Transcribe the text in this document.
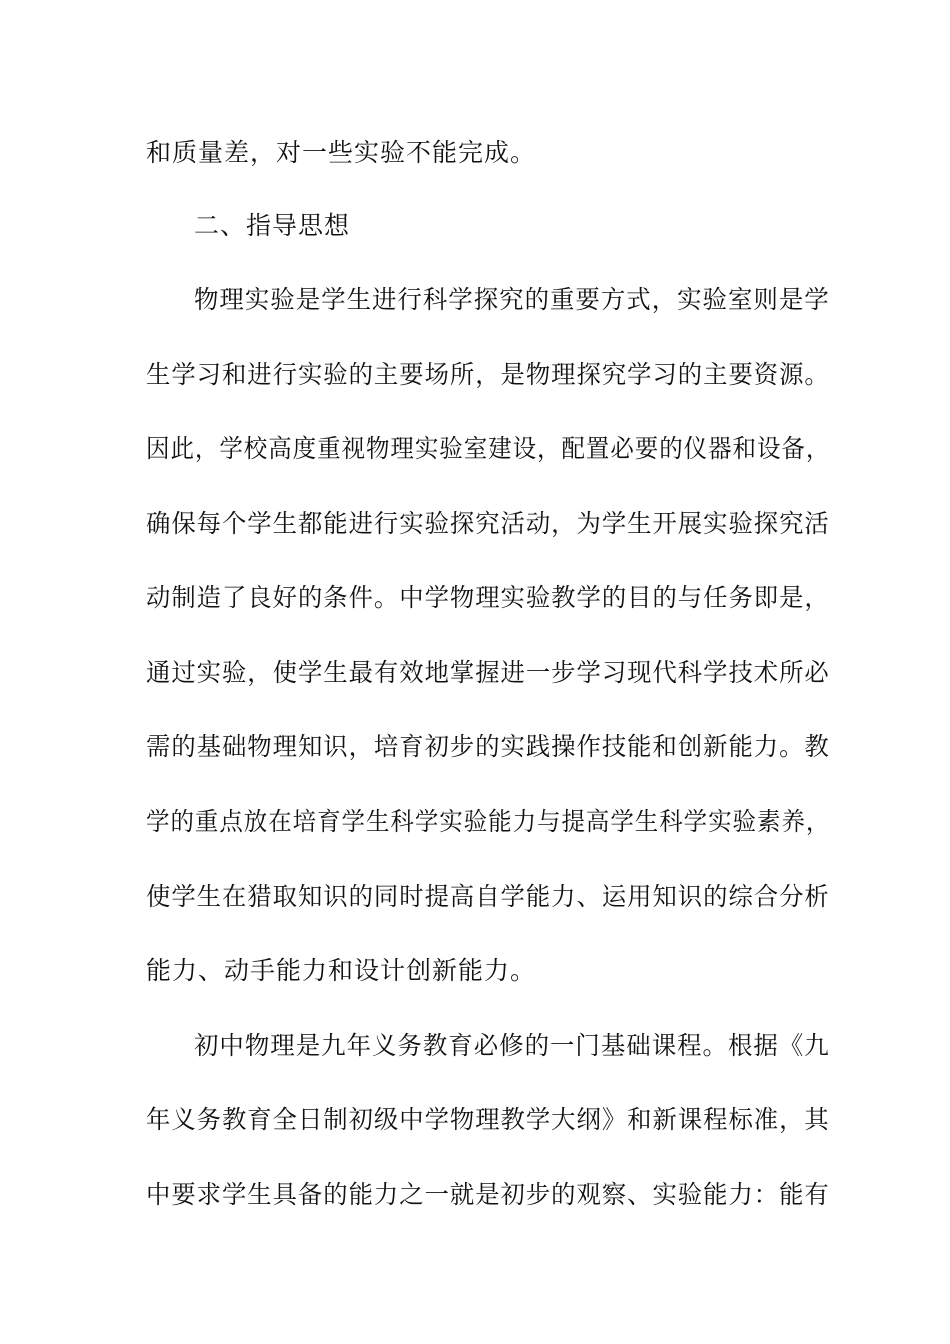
和质量差，对一些实验不能完成。
二、指导思想
物理实验是学生进行科学探究的重要方式，实验室则是学
生学习和进行实验的主要场所，是物理探究学习的主要资源。
因此，学校高度重视物理实验室建设，配置必要的仪器和设备，
确保每个学生都能进行实验探究活动，为学生开展实验探究活
动制造了良好的条件。中学物理实验教学的目的与任务即是，
通过实验，使学生最有效地掌握进一步学习现代科学技术所必
需的基础物理知识，培育初步的实践操作技能和创新能力。教
学的重点放在培育学生科学实验能力与提高学生科学实验素养，
使学生在猎取知识的同时提高自学能力、运用知识的综合分析
能力、动手能力和设计创新能力。
初中物理是九年义务教育必修的一门基础课程。根据《九
年义务教育全日制初级中学物理教学大纲》和新课程标准，其
中要求学生具备的能力之一就是初步的观察、实验能力：能有
